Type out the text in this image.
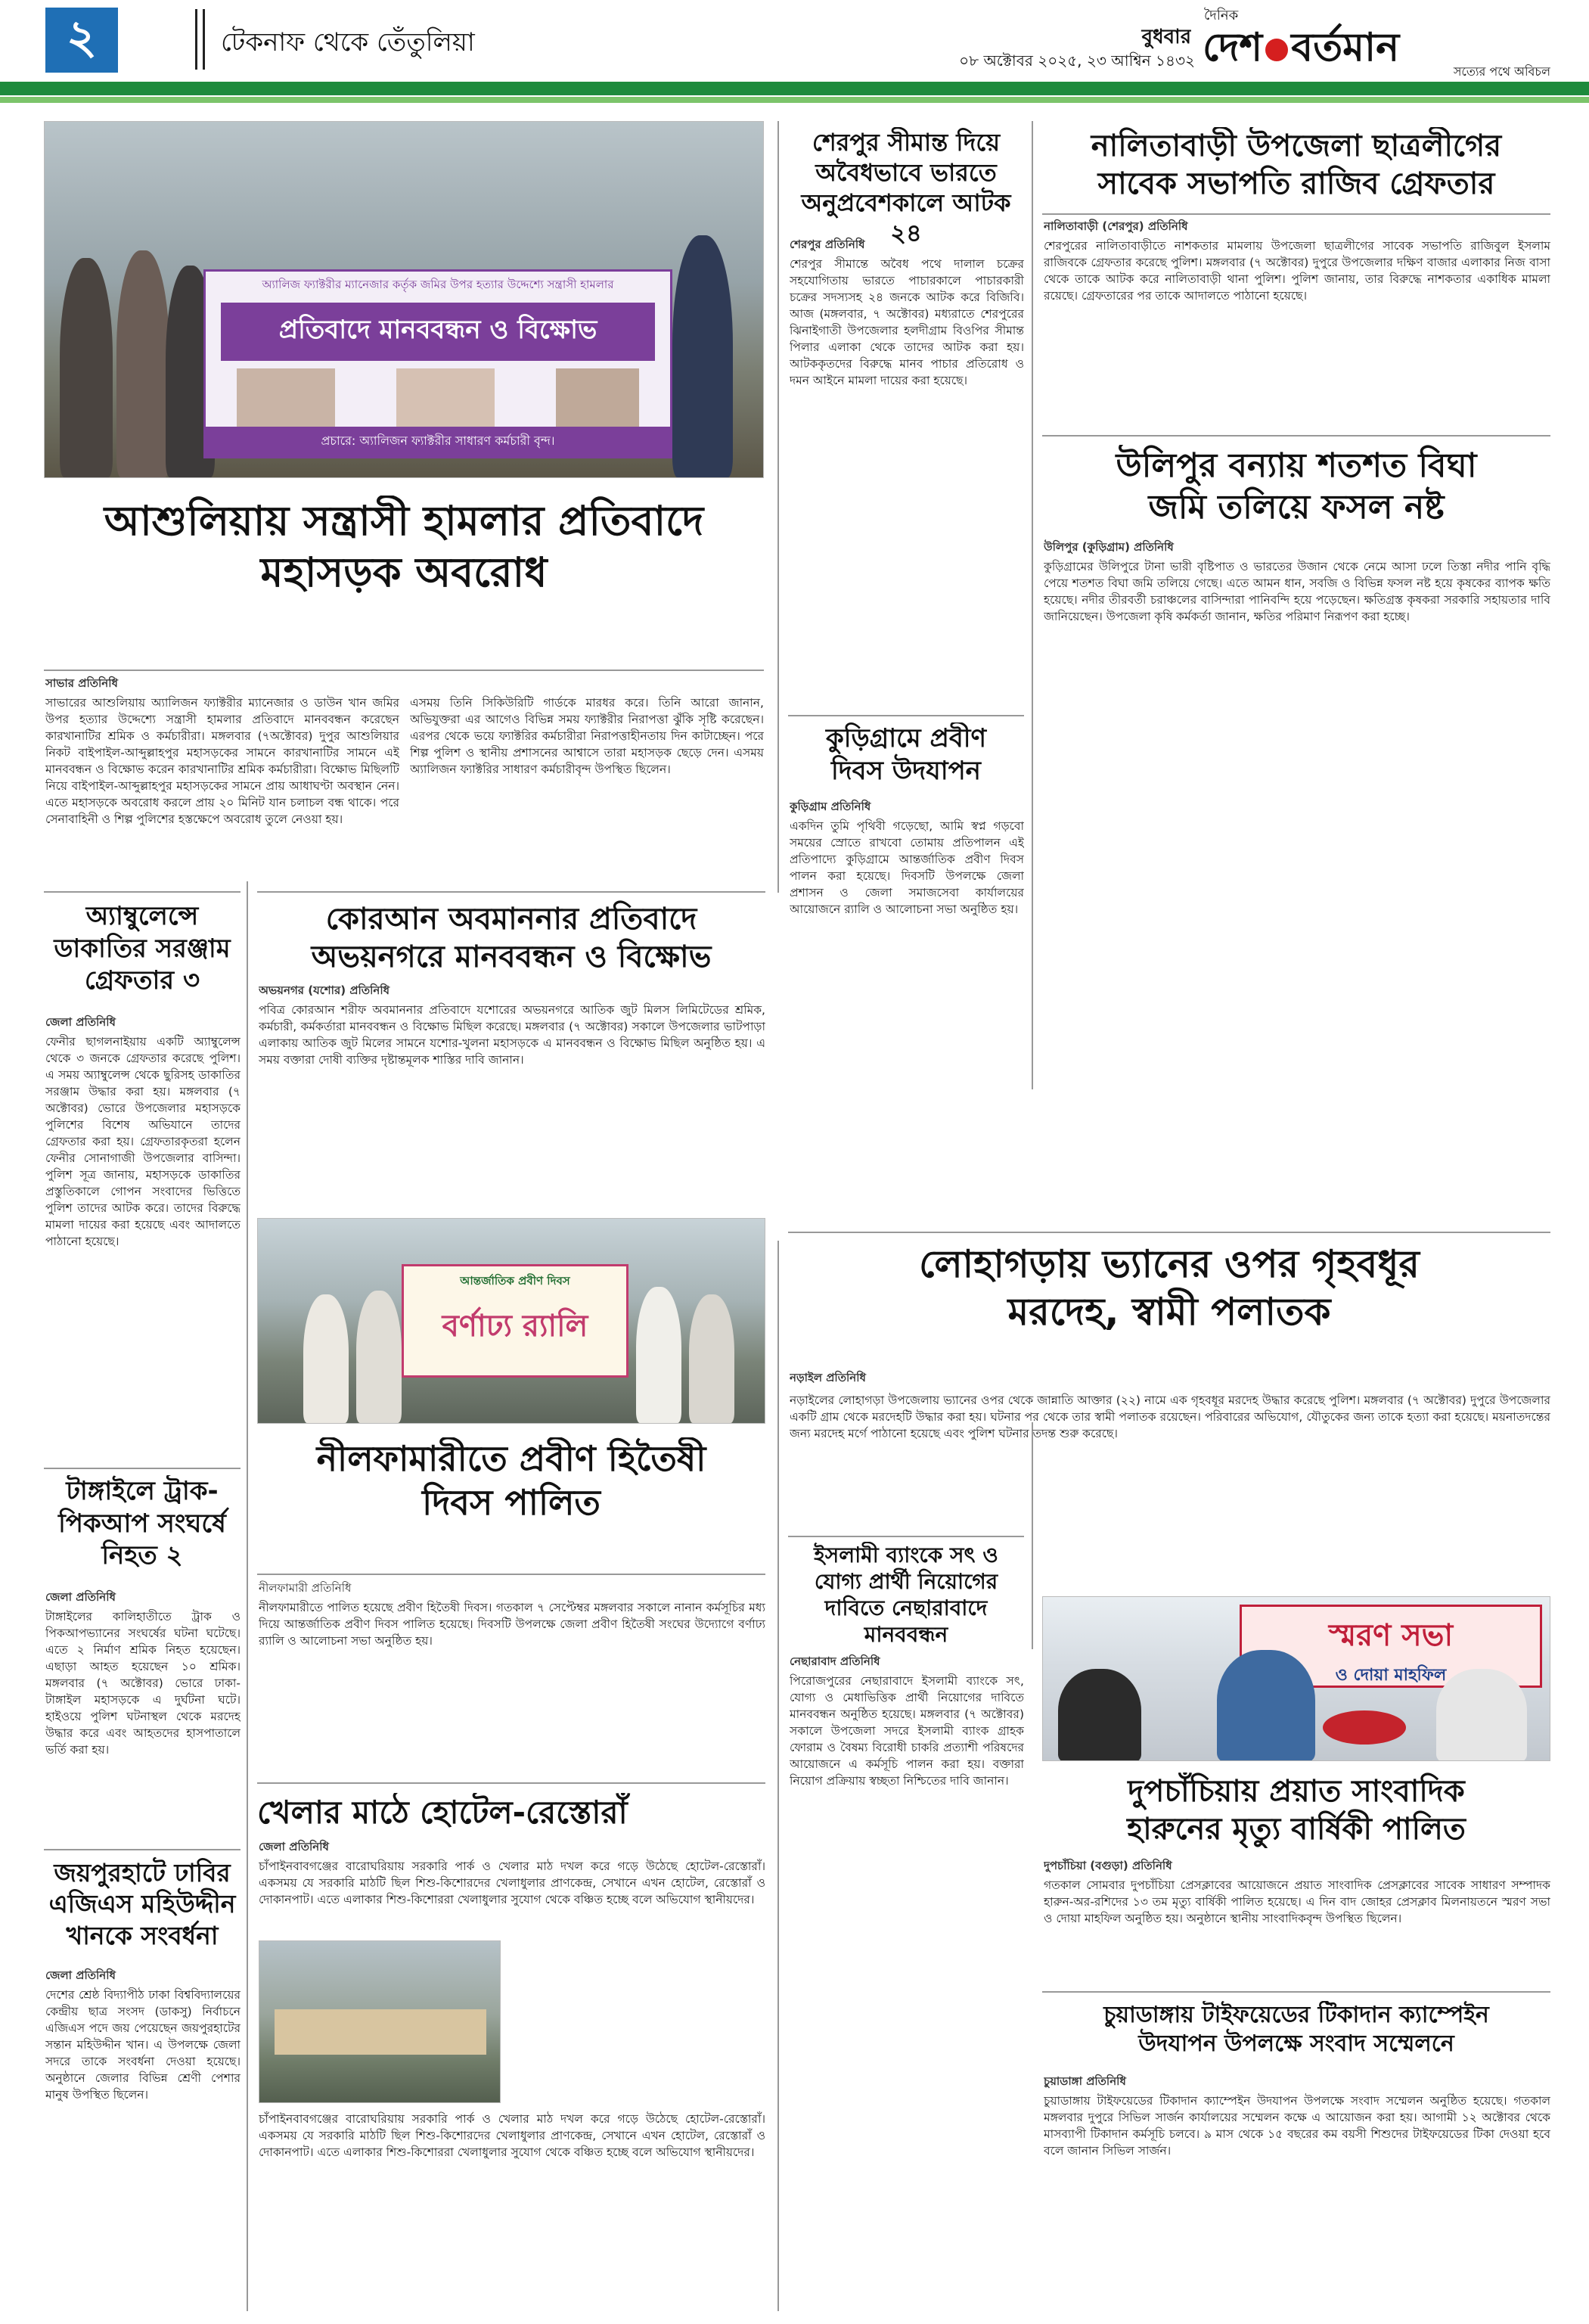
২	টেকনাফ থেকে তেঁতুলিয়া	বুধবার
০৮ অক্টোবর ২০২৫, ২৩ আশ্বিন ১৪৩২
দৈনিক
দেশ বর্তমান
সত্যের পথে অবিচল
অ্যালিজ ফ্যাক্টরীর ম্যানেজার কর্তৃক জমির উপর হত্যার উদ্দেশ্যে সন্ত্রাসী হামলার
প্রতিবাদে মানববন্ধন ও বিক্ষোভ
প্রচারে: অ্যালিজন ফ্যাক্টরীর সাধারণ কর্মচারী বৃন্দ।
আশুলিয়ায় সন্ত্রাসী হামলার প্রতিবাদে
মহাসড়ক অবরোধ
সাভার প্রতিনিধি
সাভারের আশুলিয়ায় অ্যালিজন ফ্যাক্টরীর ম্যানেজার ও ডাউন খান জমির উপর হত্যার উদ্দেশ্যে সন্ত্রাসী হামলার প্রতিবাদে মানববন্ধন করেছেন কারখানাটির শ্রমিক ও কর্মচারীরা। মঙ্গলবার (৭অক্টোবর) দুপুর আশুলিয়ার নিকট বাইপাইল-আব্দুল্লাহপুর মহাসড়কের সামনে কারখানাটির সামনে এই মানববন্ধন ও বিক্ষোভ করেন কারখানাটির শ্রমিক কর্মচারীরা। বিক্ষোভ মিছিলটি নিয়ে বাইপাইল-আব্দুল্লাহপুর মহাসড়কের সামনে প্রায় আধাঘণ্টা অবস্থান নেন। এতে মহাসড়কে অবরোধ করলে প্রায় ২০ মিনিট যান চলাচল বন্ধ থাকে। পরে সেনাবাহিনী ও শিল্প পুলিশের হস্তক্ষেপে অবরোধ তুলে নেওয়া হয়।
এসময় তিনি সিকিউরিটি গার্ডকে মারধর করে। তিনি আরো জানান, অভিযুক্তরা এর আগেও বিভিন্ন সময় ফ্যাক্টরীর নিরাপত্তা ঝুঁকি সৃষ্টি করেছেন। এরপর থেকে ভয়ে ফ্যাক্টরির কর্মচারীরা নিরাপত্তাহীনতায় দিন কাটাচ্ছেন। পরে শিল্প পুলিশ ও স্থানীয় প্রশাসনের আশ্বাসে তারা মহাসড়ক ছেড়ে দেন। এসময় অ্যালিজন ফ্যাক্টরির সাধারণ কর্মচারীবৃন্দ উপস্থিত ছিলেন।
অ্যাম্বুলেন্সে
ডাকাতির সরঞ্জাম
গ্রেফতার ৩
জেলা প্রতিনিধি
ফেনীর ছাগলনাইয়ায় একটি অ্যাম্বুলেন্স থেকে ৩ জনকে গ্রেফতার করেছে পুলিশ। এ সময় অ্যাম্বুলেন্স থেকে ছুরিসহ ডাকাতির সরঞ্জাম উদ্ধার করা হয়। মঙ্গলবার (৭ অক্টোবর) ভোরে উপজেলার মহাসড়কে পুলিশের বিশেষ অভিযানে তাদের গ্রেফতার করা হয়। গ্রেফতারকৃতরা হলেন ফেনীর সোনাগাজী উপজেলার বাসিন্দা। পুলিশ সূত্র জানায়, মহাসড়কে ডাকাতির প্রস্তুতিকালে গোপন সংবাদের ভিত্তিতে পুলিশ তাদের আটক করে। তাদের বিরুদ্ধে মামলা দায়ের করা হয়েছে এবং আদালতে পাঠানো হয়েছে।
টাঙ্গাইলে ট্রাক-
পিকআপ সংঘর্ষে
নিহত ২
জেলা প্রতিনিধি
টাঙ্গাইলের কালিহাতীতে ট্রাক ও পিকআপভ্যানের সংঘর্ষের ঘটনা ঘটেছে। এতে ২ নির্মাণ শ্রমিক নিহত হয়েছেন। এছাড়া আহত হয়েছেন ১০ শ্রমিক। মঙ্গলবার (৭ অক্টোবর) ভোরে ঢাকা-টাঙ্গাইল মহাসড়কে এ দুর্ঘটনা ঘটে। হাইওয়ে পুলিশ ঘটনাস্থল থেকে মরদেহ উদ্ধার করে এবং আহতদের হাসপাতালে ভর্তি করা হয়।
জয়পুরহাটে ঢাবির
এজিএস মহিউদ্দীন
খানকে সংবর্ধনা
জেলা প্রতিনিধি
দেশের শ্রেষ্ঠ বিদ্যাপীঠ ঢাকা বিশ্ববিদ্যালয়ের কেন্দ্রীয় ছাত্র সংসদ (ডাকসু) নির্বাচনে এজিএস পদে জয় পেয়েছেন জয়পুরহাটের সন্তান মহিউদ্দীন খান। এ উপলক্ষে জেলা সদরে তাকে সংবর্ধনা দেওয়া হয়েছে। অনুষ্ঠানে জেলার বিভিন্ন শ্রেণী পেশার মানুষ উপস্থিত ছিলেন।
কোরআন অবমাননার প্রতিবাদে
অভয়নগরে মানববন্ধন ও বিক্ষোভ
অভয়নগর (যশোর) প্রতিনিধি
পবিত্র কোরআন শরীফ অবমাননার প্রতিবাদে যশোরের অভয়নগরে আতিক জুট মিলস লিমিটেডের শ্রমিক, কর্মচারী, কর্মকর্তারা মানববন্ধন ও বিক্ষোভ মিছিল করেছে। মঙ্গলবার (৭ অক্টোবর) সকালে উপজেলার ভাটপাড়া এলাকায় আতিক জুট মিলের সামনে যশোর-খুলনা মহাসড়কে এ মানববন্ধন ও বিক্ষোভ মিছিল অনুষ্ঠিত হয়। এ সময় বক্তারা দোষী ব্যক্তির দৃষ্টান্তমূলক শাস্তির দাবি জানান।
আন্তর্জাতিক প্রবীণ দিবস
বর্ণাঢ্য র‍্যালি
নীলফামারীতে প্রবীণ হিতৈষী
দিবস পালিত
নীলফামারী প্রতিনিধি
নীলফামারীতে পালিত হয়েছে প্রবীণ হিতৈষী দিবস। গতকাল ৭ সেপ্টেম্বর মঙ্গলবার সকালে নানান কর্মসূচির মধ্য দিয়ে আন্তর্জাতিক প্রবীণ দিবস পালিত হয়েছে। দিবসটি উপলক্ষে জেলা প্রবীণ হিতৈষী সংঘের উদ্যোগে বর্ণাঢ্য র‍্যালি ও আলোচনা সভা অনুষ্ঠিত হয়।
খেলার মাঠে হোটেল-রেস্তোরাঁ
জেলা প্রতিনিধি
চাঁপাইনবাবগঞ্জের বারোঘরিয়ায় সরকারি পার্ক ও খেলার মাঠ দখল করে গড়ে উঠেছে হোটেল-রেস্তোরাঁ। একসময় যে সরকারি মাঠটি ছিল শিশু-কিশোরদের খেলাধুলার প্রাণকেন্দ্র, সেখানে এখন হোটেল, রেস্তোরাঁ ও দোকানপাট। এতে এলাকার শিশু-কিশোররা খেলাধুলার সুযোগ থেকে বঞ্চিত হচ্ছে বলে অভিযোগ স্থানীয়দের।
চাঁপাইনবাবগঞ্জের বারোঘরিয়ায় সরকারি পার্ক ও খেলার মাঠ দখল করে গড়ে উঠেছে হোটেল-রেস্তোরাঁ। একসময় যে সরকারি মাঠটি ছিল শিশু-কিশোরদের খেলাধুলার প্রাণকেন্দ্র, সেখানে এখন হোটেল, রেস্তোরাঁ ও দোকানপাট। এতে এলাকার শিশু-কিশোররা খেলাধুলার সুযোগ থেকে বঞ্চিত হচ্ছে বলে অভিযোগ স্থানীয়দের।
শেরপুর সীমান্ত দিয়ে
অবৈধভাবে ভারতে
অনুপ্রবেশকালে আটক ২৪
শেরপুর প্রতিনিধি
শেরপুর সীমান্তে অবৈধ পথে দালাল চক্রের সহযোগিতায় ভারতে পাচারকালে পাচারকারী চক্রের সদস্যসহ ২৪ জনকে আটক করে বিজিবি। আজ (মঙ্গলবার, ৭ অক্টোবর) মধ্যরাতে শেরপুরের ঝিনাইগাতী উপজেলার হলদীগ্রাম বিওপির সীমান্ত পিলার এলাকা থেকে তাদের আটক করা হয়। আটককৃতদের বিরুদ্ধে মানব পাচার প্রতিরোধ ও দমন আইনে মামলা দায়ের করা হয়েছে।
কুড়িগ্রামে প্রবীণ
দিবস উদযাপন
কুড়িগ্রাম প্রতিনিধি
একদিন তুমি পৃথিবী গড়েছো, আমি স্বপ্ন গড়বো সময়ের স্রোতে রাখবো তোমায় প্রতিপালন এই প্রতিপাদ্যে কুড়িগ্রামে আন্তর্জাতিক প্রবীণ দিবস পালন করা হয়েছে। দিবসটি উপলক্ষে জেলা প্রশাসন ও জেলা সমাজসেবা কার্যালয়ের আয়োজনে র‍্যালি ও আলোচনা সভা অনুষ্ঠিত হয়।
নালিতাবাড়ী উপজেলা ছাত্রলীগের
সাবেক সভাপতি রাজিব গ্রেফতার
নালিতাবাড়ী (শেরপুর) প্রতিনিধি
শেরপুরের নালিতাবাড়ীতে নাশকতার মামলায় উপজেলা ছাত্রলীগের সাবেক সভাপতি রাজিবুল ইসলাম রাজিবকে গ্রেফতার করেছে পুলিশ। মঙ্গলবার (৭ অক্টোবর) দুপুরে উপজেলার দক্ষিণ বাজার এলাকার নিজ বাসা থেকে তাকে আটক করে নালিতাবাড়ী থানা পুলিশ। পুলিশ জানায়, তার বিরুদ্ধে নাশকতার একাধিক মামলা রয়েছে। গ্রেফতারের পর তাকে আদালতে পাঠানো হয়েছে।
উলিপুর বন্যায় শতশত বিঘা
জমি তলিয়ে ফসল নষ্ট
উলিপুর (কুড়িগ্রাম) প্রতিনিধি
কুড়িগ্রামের উলিপুরে টানা ভারী বৃষ্টিপাত ও ভারতের উজান থেকে নেমে আসা ঢলে তিস্তা নদীর পানি বৃদ্ধি পেয়ে শতশত বিঘা জমি তলিয়ে গেছে। এতে আমন ধান, সবজি ও বিভিন্ন ফসল নষ্ট হয়ে কৃষকের ব্যাপক ক্ষতি হয়েছে। নদীর তীরবর্তী চরাঞ্চলের বাসিন্দারা পানিবন্দি হয়ে পড়েছেন। ক্ষতিগ্রস্ত কৃষকরা সরকারি সহায়তার দাবি জানিয়েছেন। উপজেলা কৃষি কর্মকর্তা জানান, ক্ষতির পরিমাণ নিরূপণ করা হচ্ছে।
লোহাগড়ায় ভ্যানের ওপর গৃহবধূর
মরদেহ, স্বামী পলাতক
নড়াইল প্রতিনিধি
নড়াইলের লোহাগড়া উপজেলায় ভ্যানের ওপর থেকে জান্নাতি আক্তার (২২) নামে এক গৃহবধূর মরদেহ উদ্ধার করেছে পুলিশ। মঙ্গলবার (৭ অক্টোবর) দুপুরে উপজেলার একটি গ্রাম থেকে মরদেহটি উদ্ধার করা হয়। ঘটনার পর থেকে তার স্বামী পলাতক রয়েছেন। পরিবারের অভিযোগ, যৌতুকের জন্য তাকে হত্যা করা হয়েছে। ময়নাতদন্তের জন্য মরদেহ মর্গে পাঠানো হয়েছে এবং পুলিশ ঘটনার তদন্ত শুরু করেছে।
ইসলামী ব্যাংকে সৎ ও
যোগ্য প্রার্থী নিয়োগের
দাবিতে নেছারাবাদে
মানববন্ধন
নেছারাবাদ প্রতিনিধি
পিরোজপুরের নেছারাবাদে ইসলামী ব্যাংকে সৎ, যোগ্য ও মেধাভিত্তিক প্রার্থী নিয়োগের দাবিতে মানববন্ধন অনুষ্ঠিত হয়েছে। মঙ্গলবার (৭ অক্টোবর) সকালে উপজেলা সদরে ইসলামী ব্যাংক গ্রাহক ফোরাম ও বৈষম্য বিরোধী চাকরি প্রত্যাশী পরিষদের আয়োজনে এ কর্মসূচি পালন করা হয়। বক্তারা নিয়োগ প্রক্রিয়ায় স্বচ্ছতা নিশ্চিতের দাবি জানান।
স্মরণ সভা
ও দোয়া মাহফিল
দুপচাঁচিয়ায় প্রয়াত সাংবাদিক
হারুনের মৃত্যু বার্ষিকী পালিত
দুপচাঁচিয়া (বগুড়া) প্রতিনিধি
গতকাল সোমবার দুপচাঁচিয়া প্রেসক্লাবের আয়োজনে প্রয়াত সাংবাদিক প্রেসক্লাবের সাবেক সাধারণ সম্পাদক হারুন-অর-রশিদের ১৩ তম মৃত্যু বার্ষিকী পালিত হয়েছে। এ দিন বাদ জোহর প্রেসক্লাব মিলনায়তনে স্মরণ সভা ও দোয়া মাহফিল অনুষ্ঠিত হয়। অনুষ্ঠানে স্থানীয় সাংবাদিকবৃন্দ উপস্থিত ছিলেন।
চুয়াডাঙ্গায় টাইফয়েডের টিকাদান ক্যাম্পেইন
উদযাপন উপলক্ষে সংবাদ সম্মেলনে
চুয়াডাঙ্গা প্রতিনিধি
চুয়াডাঙ্গায় টাইফয়েডের টিকাদান ক্যাম্পেইন উদযাপন উপলক্ষে সংবাদ সম্মেলন অনুষ্ঠিত হয়েছে। গতকাল মঙ্গলবার দুপুরে সিভিল সার্জন কার্যালয়ের সম্মেলন কক্ষে এ আয়োজন করা হয়। আগামী ১২ অক্টোবর থেকে মাসব্যাপী টিকাদান কর্মসূচি চলবে। ৯ মাস থেকে ১৫ বছরের কম বয়সী শিশুদের টাইফয়েডের টিকা দেওয়া হবে বলে জানান সিভিল সার্জন।
